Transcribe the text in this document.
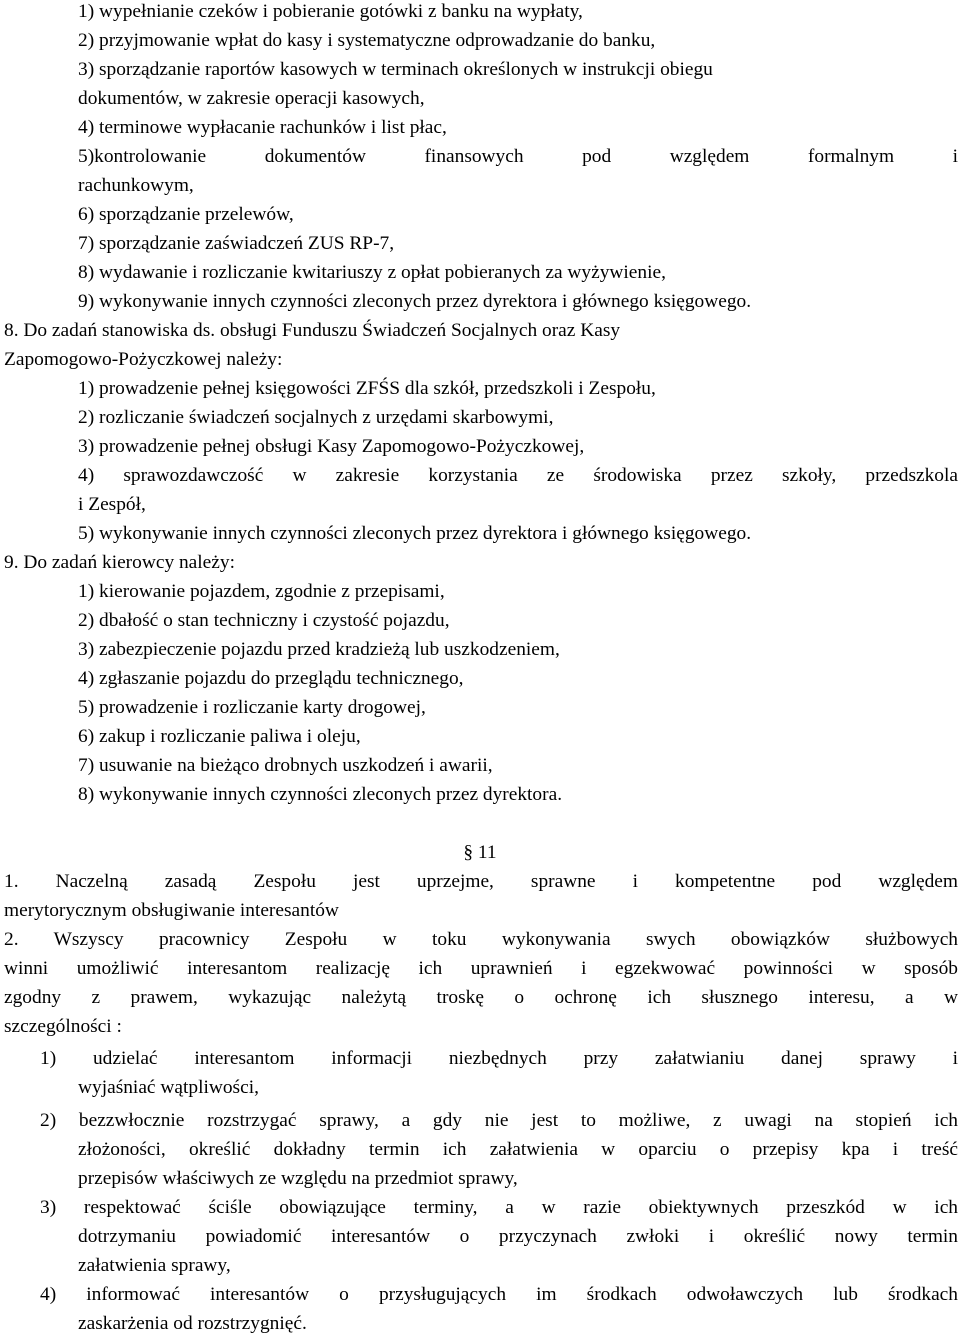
1) wypełnianie czeków i pobieranie gotówki z banku na wypłaty,
2) przyjmowanie wpłat do kasy i systematyczne odprowadzanie do banku,
3) sporządzanie raportów kasowych w terminach określonych w instrukcji obiegu
dokumentów, w zakresie operacji kasowych,
4) terminowe wypłacanie rachunków i list płac,
5)kontrolowanie dokumentów finansowych pod względem formalnym i
rachunkowym,
6) sporządzanie przelewów,
7) sporządzanie zaświadczeń ZUS RP-7,
8) wydawanie i rozliczanie kwitariuszy z opłat pobieranych za wyżywienie,
9) wykonywanie innych czynności zleconych przez dyrektora i głównego księgowego.
8. Do zadań stanowiska ds. obsługi Funduszu Świadczeń Socjalnych oraz Kasy
Zapomogowo-Pożyczkowej należy:
1) prowadzenie pełnej księgowości ZFŚS dla szkół, przedszkoli i Zespołu,
2) rozliczanie świadczeń socjalnych z urzędami skarbowymi,
3) prowadzenie pełnej obsługi Kasy Zapomogowo-Pożyczkowej,
4) sprawozdawczość w zakresie korzystania ze środowiska przez szkoły, przedszkola
i Zespół,
5) wykonywanie innych czynności zleconych przez dyrektora i głównego księgowego.
9. Do zadań kierowcy należy:
1) kierowanie pojazdem, zgodnie z przepisami,
2) dbałość o stan techniczny i czystość pojazdu,
3) zabezpieczenie pojazdu przed kradzieżą lub uszkodzeniem,
4) zgłaszanie pojazdu do przeglądu technicznego,
5) prowadzenie i rozliczanie karty drogowej,
6) zakup i rozliczanie paliwa i oleju,
7) usuwanie na bieżąco drobnych uszkodzeń i awarii,
8) wykonywanie innych czynności zleconych przez dyrektora.
§ 11
1. Naczelną zasadą Zespołu jest uprzejme, sprawne i kompetentne pod względem
merytorycznym obsługiwanie interesantów
2. Wszyscy pracownicy Zespołu w toku wykonywania swych obowiązków służbowych
winni umożliwić interesantom realizację ich uprawnień i egzekwować powinności w sposób
zgodny z prawem, wykazując należytą troskę o ochronę ich słusznego interesu, a w
szczególności :
1) udzielać interesantom informacji niezbędnych przy załatwianiu danej sprawy i
wyjaśniać wątpliwości,
2) bezzwłocznie rozstrzygać sprawy, a gdy nie jest to możliwe, z uwagi na stopień ich
złożoności, określić dokładny termin ich załatwienia w oparciu o przepisy kpa i treść
przepisów właściwych ze względu na przedmiot sprawy,
3) respektować ściśle obowiązujące terminy, a w razie obiektywnych przeszkód w ich
dotrzymaniu powiadomić interesantów o przyczynach zwłoki i określić nowy termin
załatwienia sprawy,
4) informować interesantów o przysługujących im środkach odwoławczych lub środkach
zaskarżenia od rozstrzygnięć.
